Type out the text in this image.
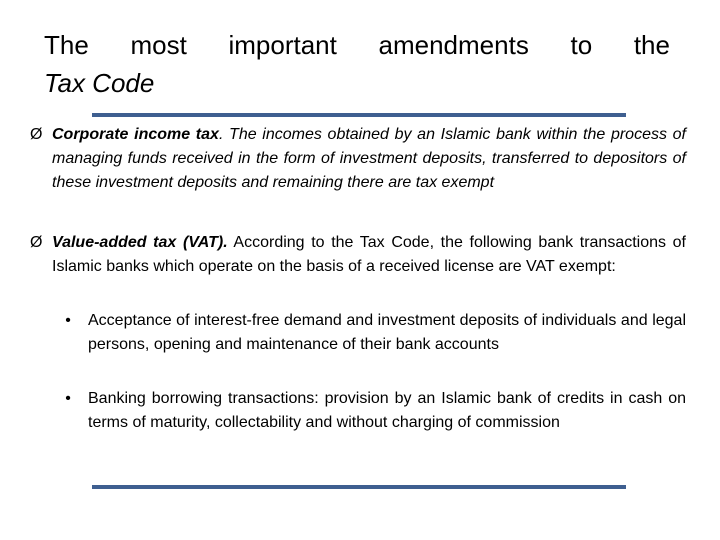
The most important amendments to the
Tax Code
Ø Corporate income tax. The incomes obtained by an Islamic bank within the process of managing funds received in the form of investment deposits, transferred to depositors of these investment deposits and remaining there are tax exempt
Ø Value-added tax (VAT). According to the Tax Code, the following bank transactions of Islamic banks which operate on the basis of a received license are VAT exempt:
•	Acceptance of interest-free demand and investment deposits of individuals and legal persons, opening and maintenance of their bank accounts
•	Banking borrowing transactions: provision by an Islamic bank of credits in cash on terms of maturity, collectability and without charging of commission
